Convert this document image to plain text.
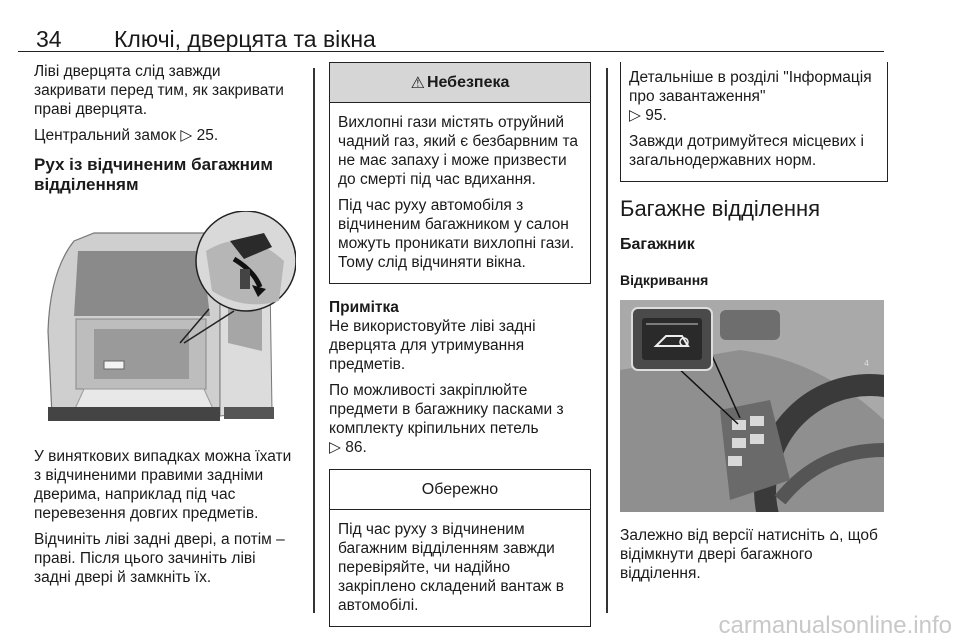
34 Ключі, дверцята та вікна

Ліві дверцята слід завжди закривати перед тим, як закривати праві дверцята.

Центральний замок ▷ 25.

Рух із відчиненим багажним відділенням

У виняткових випадках можна їхати з відчиненими правими задніми дверима, наприклад під час перевезення довгих предметів.

Відчиніть ліві задні двері, а потім – праві. Після цього зачиніть ліві задні двері й замкніть їх.

⚠ Небезпека

Вихлопні гази містять отруйний чадний газ, який є безбарвним та не має запаху і може призвести до смерті під час вдихання.

Під час руху автомобіля з відчиненим багажником у салон можуть проникати вихлопні гази. Тому слід відчиняти вікна.

Примітка

Не використовуйте ліві задні дверцята для утримування предметів.

По можливості закріплюйте предмети в багажнику пасками з комплекту кріпильних петель
▷ 86.

Обережно

Під час руху з відчиненим багажним відділенням завжди перевіряйте, чи надійно закріплено складений вантаж в автомобілі.

Детальніше в розділі "Інформація про завантаження"
▷ 95.

Завжди дотримуйтеся місцевих і загальнодержавних норм.

Багажне відділення
Багажник
Відкривання
4

Залежно від версії натисніть ⌂, щоб відімкнути двері багажного відділення.

carmanualsonline.info
